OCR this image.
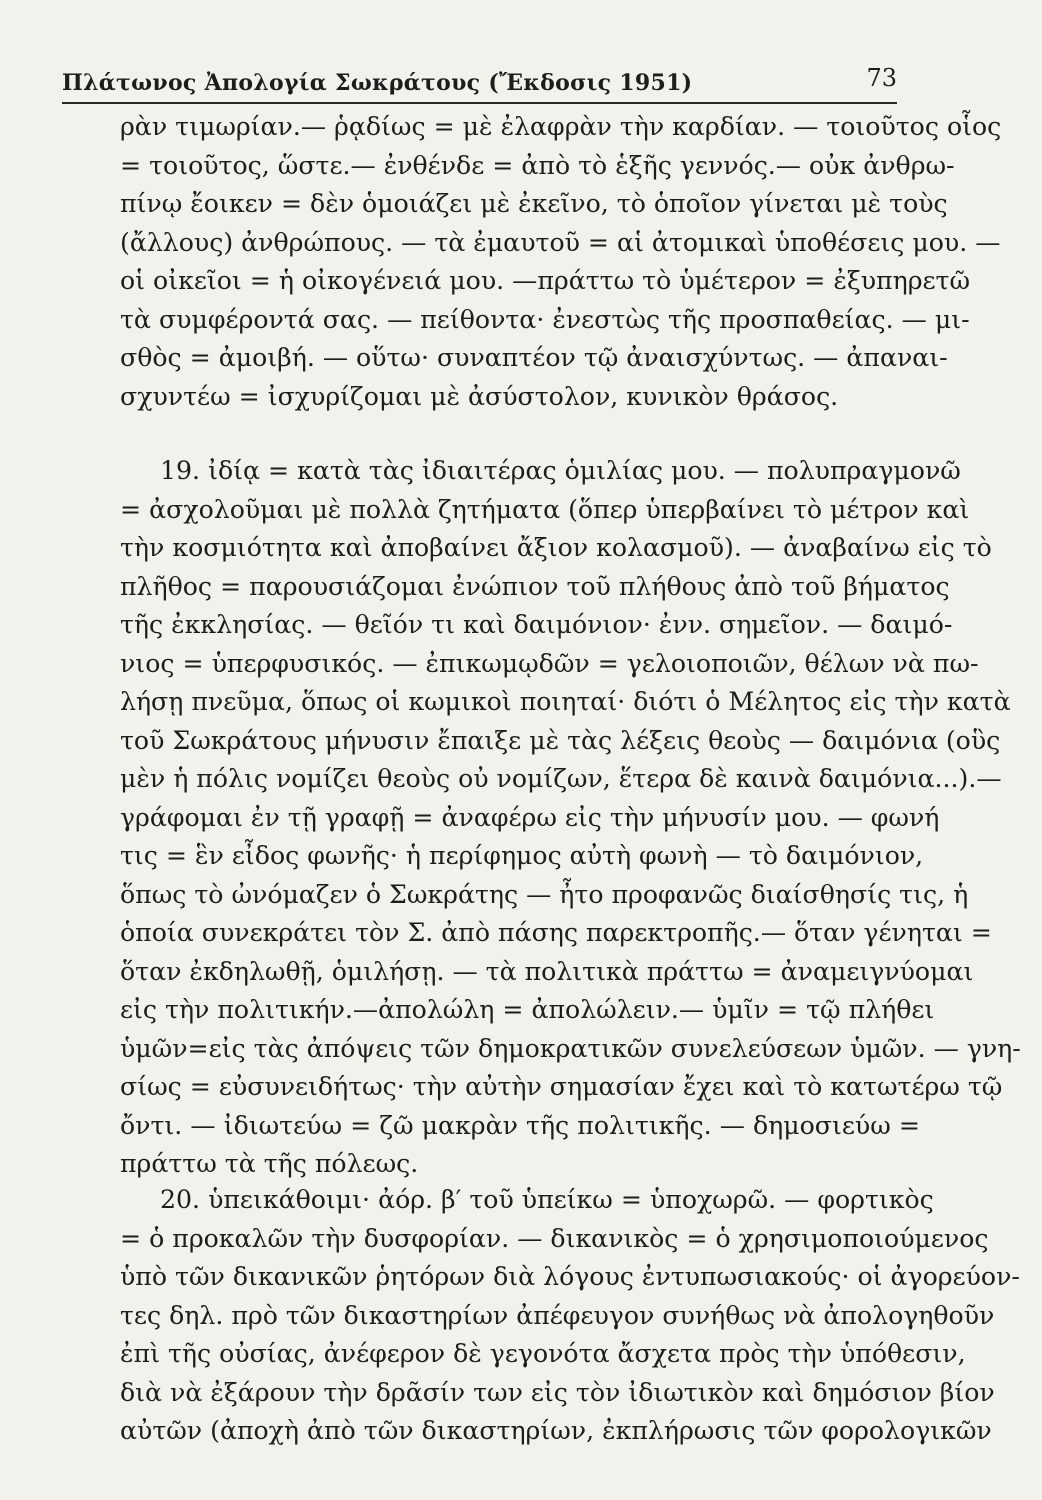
Πλάτωνος Ἀπολογία Σωκράτους (Ἔκδοσις 1951)	73
ρὰν τιμωρίαν.— ῥᾳδίως = μὲ ἐλαφρὰν τὴν καρδίαν. — τοιοῦτος οἷος
= τοιοῦτος, ὥστε.— ἐνθένδε = ἀπὸ τὸ ἑξῆς γεννός.— οὐκ ἀνθρω-
πίνῳ ἔοικεν = δὲν ὁμοιάζει μὲ ἐκεῖνο, τὸ ὁποῖον γίνεται μὲ τοὺς
(ἄλλους) ἀνθρώπους. — τὰ ἐμαυτοῦ = αἱ ἀτομικαὶ ὑποθέσεις μου. —
οἱ οἰκεῖοι = ἡ οἰκογένειά μου. —πράττω τὸ ὑμέτερον = ἐξυπηρετῶ
τὰ συμφέροντά σας. — πείθοντα· ἐνεστὼς τῆς προσπαθείας. — μι-
σθὸς = ἀμοιβή. — οὕτω· συναπτέον τῷ ἀναισχύντως. — ἀπαναι-
σχυντέω = ἰσχυρίζομαι μὲ ἀσύστολον, κυνικὸν θράσος.
19. ἰδίᾳ = κατὰ τὰς ἰδιαιτέρας ὁμιλίας μου. — πολυπραγμονῶ
= ἀσχολοῦμαι μὲ πολλὰ ζητήματα (ὅπερ ὑπερβαίνει τὸ μέτρον καὶ
τὴν κοσμιότητα καὶ ἀποβαίνει ἄξιον κολασμοῦ). — ἀναβαίνω εἰς τὸ
πλῆθος = παρουσιάζομαι ἐνώπιον τοῦ πλήθους ἀπὸ τοῦ βήματος
τῆς ἐκκλησίας. — θεῖόν τι καὶ δαιμόνιον· ἐνν. σημεῖον. — δαιμό-
νιος = ὑπερφυσικός. — ἐπικωμῳδῶν = γελοιοποιῶν, θέλων νὰ πω-
λήσῃ πνεῦμα, ὅπως οἱ κωμικοὶ ποιηταί· διότι ὁ Μέλητος εἰς τὴν κατὰ
τοῦ Σωκράτους μήνυσιν ἔπαιξε μὲ τὰς λέξεις θεοὺς — δαιμόνια (οὓς
μὲν ἡ πόλις νομίζει θεοὺς οὐ νομίζων, ἕτερα δὲ καινὰ δαιμόνια...).—
γράφομαι ἐν τῇ γραφῇ = ἀναφέρω εἰς τὴν μήνυσίν μου. — φωνή
τις = ἓν εἶδος φωνῆς· ἡ περίφημος αὐτὴ φωνὴ — τὸ δαιμόνιον,
ὅπως τὸ ὠνόμαζεν ὁ Σωκράτης — ἦτο προφανῶς διαίσθησίς τις, ἡ
ὁποία συνεκράτει τὸν Σ. ἀπὸ πάσης παρεκτροπῆς.— ὅταν γένηται =
ὅταν ἐκδηλωθῇ, ὁμιλήσῃ. — τὰ πολιτικὰ πράττω = ἀναμειγνύομαι
εἰς τὴν πολιτικήν.—ἀπολώλη = ἀπολώλειν.— ὑμῖν = τῷ πλήθει
ὑμῶν=εἰς τὰς ἀπόψεις τῶν δημοκρατικῶν συνελεύσεων ὑμῶν. — γνη-
σίως = εὐσυνειδήτως· τὴν αὐτὴν σημασίαν ἔχει καὶ τὸ κατωτέρω τῷ
ὄντι. — ἰδιωτεύω = ζῶ μακρὰν τῆς πολιτικῆς. — δημοσιεύω =
πράττω τὰ τῆς πόλεως.
20. ὑπεικάθοιμι· ἀόρ. β′ τοῦ ὑπείκω = ὑποχωρῶ. — φορτικὸς
= ὁ προκαλῶν τὴν δυσφορίαν. — δικανικὸς = ὁ χρησιμοποιούμενος
ὑπὸ τῶν δικανικῶν ῥητόρων διὰ λόγους ἐντυπωσιακούς· οἱ ἀγορεύον-
τες δηλ. πρὸ τῶν δικαστηρίων ἀπέφευγον συνήθως νὰ ἀπολογηθοῦν
ἐπὶ τῆς οὐσίας, ἀνέφερον δὲ γεγονότα ἄσχετα πρὸς τὴν ὑπόθεσιν,
διὰ νὰ ἐξάρουν τὴν δρᾶσίν των εἰς τὸν ἰδιωτικὸν καὶ δημόσιον βίον
αὐτῶν (ἀποχὴ ἀπὸ τῶν δικαστηρίων, ἐκπλήρωσις τῶν φορολογικῶν
